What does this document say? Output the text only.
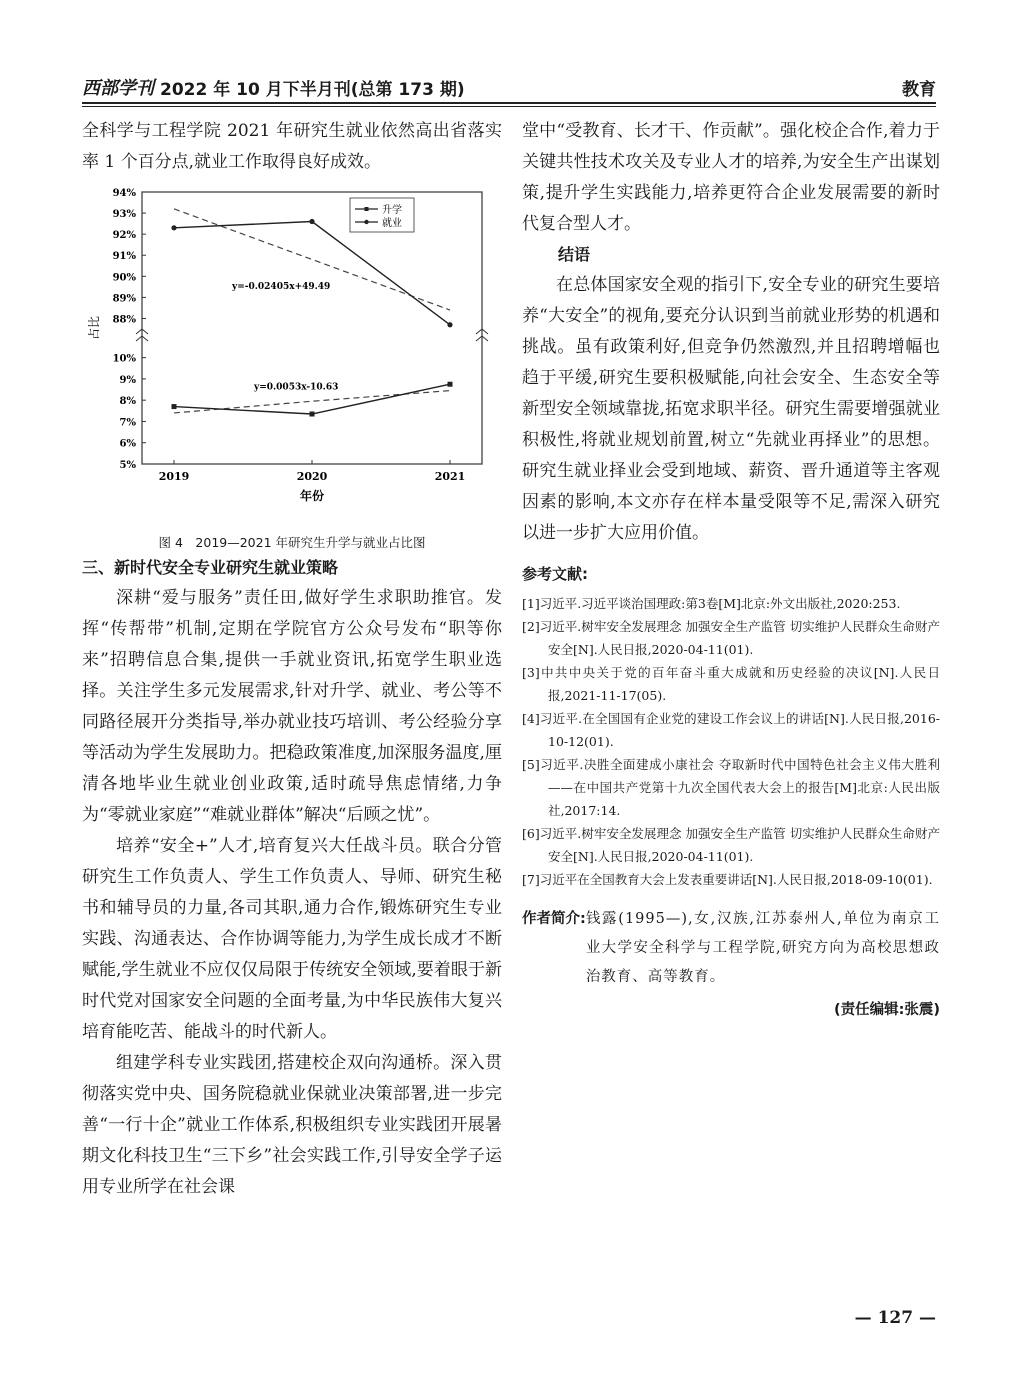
西部学刊 2022 年 10 月下半月刊(总第 173 期)	教育

全科学与工程学院 2021 年研究生就业依然高出省落实率 1 个百分点,就业工作取得良好成效。

94%
93%
92%
91%
90%
89%
88%
10%
9%
8%
7%
6%
5%
2019	2020	2021
年份
占比
y=-0.02405x+49.49
y=0.0053x-10.63
升学
就业
图 4　2019—2021 年研究生升学与就业占比图

三、新时代安全专业研究生就业策略

深耕“爱与服务”责任田,做好学生求职助推官。发挥“传帮带”机制,定期在学院官方公众号发布“职等你来”招聘信息合集,提供一手就业资讯,拓宽学生职业选择。关注学生多元发展需求,针对升学、就业、考公等不同路径展开分类指导,举办就业技巧培训、考公经验分享等活动为学生发展助力。把稳政策准度,加深服务温度,厘清各地毕业生就业创业政策,适时疏导焦虑情绪,力争为“零就业家庭”“难就业群体”解决“后顾之忧”。

培养“安全+”人才,培育复兴大任战斗员。联合分管研究生工作负责人、学生工作负责人、导师、研究生秘书和辅导员的力量,各司其职,通力合作,锻炼研究生专业实践、沟通表达、合作协调等能力,为学生成长成才不断赋能,学生就业不应仅仅局限于传统安全领域,要着眼于新时代党对国家安全问题的全面考量,为中华民族伟大复兴培育能吃苦、能战斗的时代新人。

组建学科专业实践团,搭建校企双向沟通桥。深入贯彻落实党中央、国务院稳就业保就业决策部署,进一步完善“一行十企”就业工作体系,积极组织专业实践团开展暑期文化科技卫生“三下乡”社会实践工作,引导安全学子运用专业所学在社会课

堂中“受教育、长才干、作贡献”。强化校企合作,着力于关键共性技术攻关及专业人才的培养,为安全生产出谋划策,提升学生实践能力,培养更符合企业发展需要的新时代复合型人才。

结语

在总体国家安全观的指引下,安全专业的研究生要培养“大安全”的视角,要充分认识到当前就业形势的机遇和挑战。虽有政策利好,但竞争仍然激烈,并且招聘增幅也趋于平缓,研究生要积极赋能,向社会安全、生态安全等新型安全领域靠拢,拓宽求职半径。研究生需要增强就业积极性,将就业规划前置,树立“先就业再择业”的思想。研究生就业择业会受到地域、薪资、晋升通道等主客观因素的影响,本文亦存在样本量受限等不足,需深入研究以进一步扩大应用价值。

参考文献:

[1]习近平.习近平谈治国理政:第3卷[M]北京:外文出版社,2020:253.

[2]习近平.树牢安全发展理念 加强安全生产监管 切实维护人民群众生命财产安全[N].人民日报,2020-04-11(01).

[3]中共中央关于党的百年奋斗重大成就和历史经验的决议[N].人民日报,2021-11-17(05).

[4]习近平.在全国国有企业党的建设工作会议上的讲话[N].人民日报,2016-10-12(01).

[5]习近平.决胜全面建成小康社会 夺取新时代中国特色社会主义伟大胜利——在中国共产党第十九次全国代表大会上的报告[M]北京:人民出版社,2017:14.

[6]习近平.树牢安全发展理念 加强安全生产监管 切实维护人民群众生命财产安全[N].人民日报,2020-04-11(01).

[7]习近平在全国教育大会上发表重要讲话[N].人民日报,2018-09-10(01).

作者简介: 钱露(1995—),女,汉族,江苏泰州人,单位为南京工业大学安全科学与工程学院,研究方向为高校思想政治教育、高等教育。
(责任编辑:张震)
— 127 —
